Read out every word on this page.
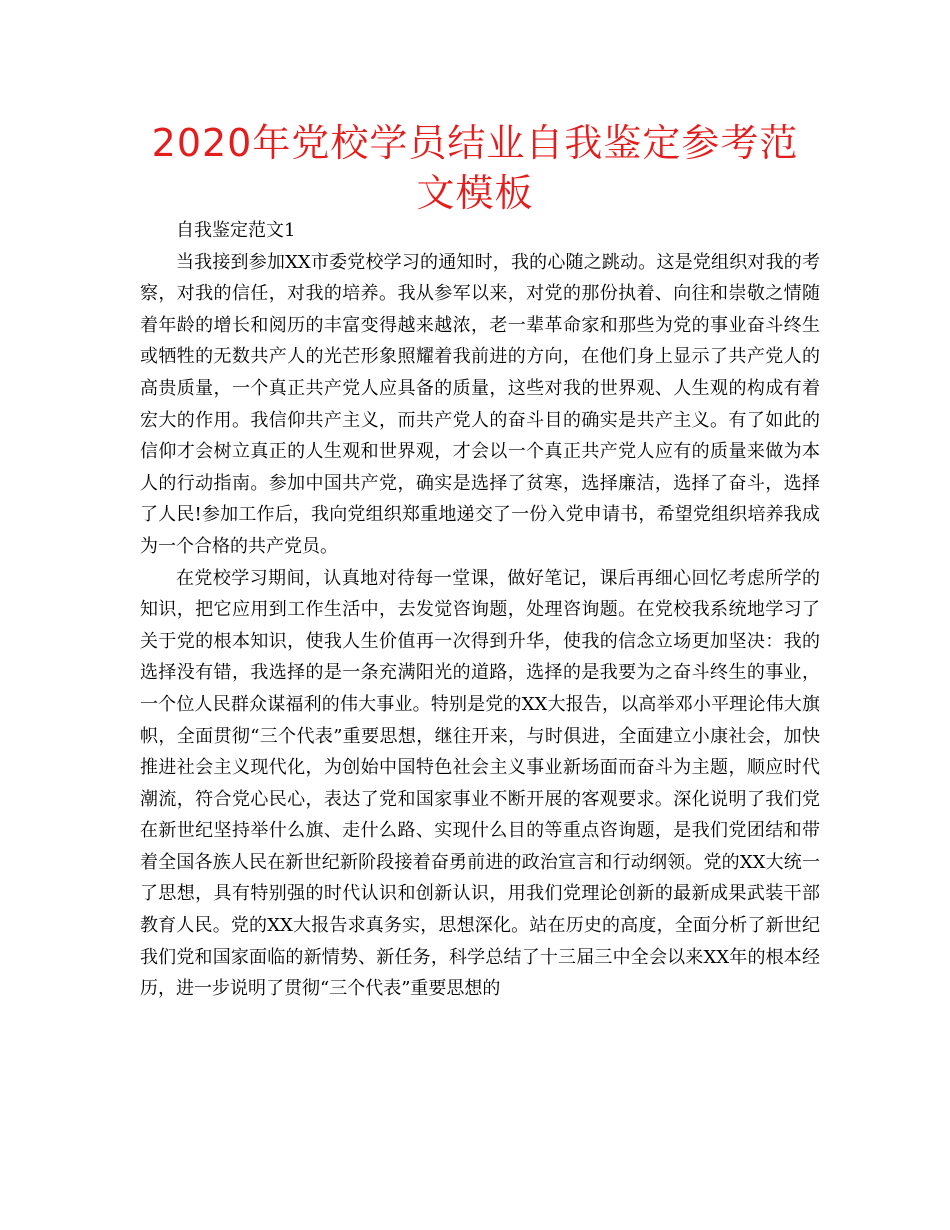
2020年党校学员结业自我鉴定参考范文模板

自我鉴定范文1

当我接到参加XX市委党校学习的通知时，我的心随之跳动。这是党组织对我的考察，对我的信任，对我的培养。我从参军以来，对党的那份执着、向往和崇敬之情随着年龄的增长和阅历的丰富变得越来越浓，老一辈革命家和那些为党的事业奋斗终生或牺牲的无数共产人的光芒形象照耀着我前进的方向，在他们身上显示了共产党人的高贵质量，一个真正共产党人应具备的质量，这些对我的世界观、人生观的构成有着宏大的作用。我信仰共产主义，而共产党人的奋斗目的确实是共产主义。有了如此的信仰才会树立真正的人生观和世界观，才会以一个真正共产党人应有的质量来做为本人的行动指南。参加中国共产党，确实是选择了贫寒，选择廉洁，选择了奋斗，选择了人民!参加工作后，我向党组织郑重地递交了一份入党申请书，希望党组织培养我成为一个合格的共产党员。

在党校学习期间，认真地对待每一堂课，做好笔记，课后再细心回忆考虑所学的知识，把它应用到工作生活中，去发觉咨询题，处理咨询题。在党校我系统地学习了关于党的根本知识，使我人生价值再一次得到升华，使我的信念立场更加坚决：我的选择没有错，我选择的是一条充满阳光的道路，选择的是我要为之奋斗终生的事业，一个位人民群众谋福利的伟大事业。特别是党的XX大报告，以高举邓小平理论伟大旗帜，全面贯彻“三个代表”重要思想，继往开来，与时俱进，全面建立小康社会，加快推进社会主义现代化，为创始中国特色社会主义事业新场面而奋斗为主题，顺应时代潮流，符合党心民心，表达了党和国家事业不断开展的客观要求。深化说明了我们党在新世纪坚持举什么旗、走什么路、实现什么目的等重点咨询题，是我们党团结和带着全国各族人民在新世纪新阶段接着奋勇前进的政治宣言和行动纲领。党的XX大统一了思想，具有特别强的时代认识和创新认识，用我们党理论创新的最新成果武装干部教育人民。党的XX大报告求真务实，思想深化。站在历史的高度，全面分析了新世纪我们党和国家面临的新情势、新任务，科学总结了十三届三中全会以来XX年的根本经历，进一步说明了贯彻“三个代表”重要思想的
